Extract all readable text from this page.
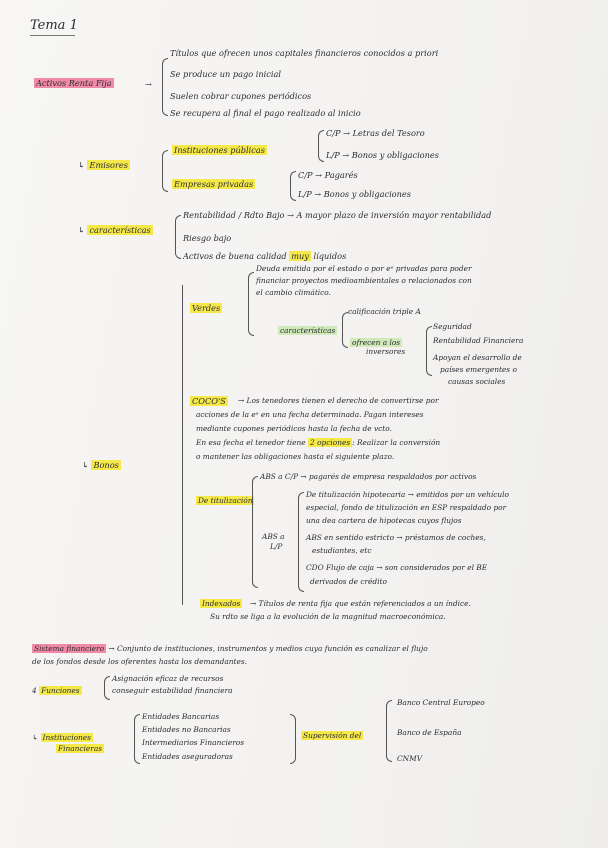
Tema 1
Activos Renta Fija	→
Títulos que ofrecen unos capitales financieros conocidos a priori
Se produce un pago inicial
Suelen cobrar cupones periódicos
Se recupera al final el pago realizado al inicio
↳ Emisores
Instituciones públicas
C/P → Letras del Tesoro
L/P → Bonos y obligaciones
Empresas privadas
C/P → Pagarés
L/P → Bonos y obligaciones
↳ características
Rentabilidad / Rdto Bajo → A mayor plazo de inversión mayor rentabilidad
Riesgo bajo
Activos de buena calidad muy líquidos
↳ Bonos
Verdes
Deuda emitida por el estado o por eᵉ privadas para poder
financiar proyectos medioambientales o relacionados con
el cambio climático.
características
calificación triple A
ofrecen a los
inversores
Seguridad
Rentabilidad Financiera
Apoyan el desarrollo de
países emergentes o
causas sociales
COCO'S → Los tenedores tienen el derecho de convertirse por
acciones de la eᵉ en una fecha determinada. Pagan intereses
mediante cupones periódicos hasta la fecha de vcto.
En esa fecha el tenedor tiene 2 opciones : Realizar la conversión
o mantener las obligaciones hasta el siguiente plazo.
De titulización
ABS a C/P → pagarés de empresa respaldados por activos
ABS a
L/P
De titulización hipotecaria → emitidos por un vehículo
especial, fondo de titulización en ESP respaldado por
una dea cartera de hipotecas cuyos flujos
ABS en sentido estricto → préstamos de coches,
estudiantes, etc
CDO Flujo de caja → son considerados por el BE
derivados de crédito
Indexados → Títulos de renta fija que están referenciados a un índice.
Su rdto se liga a la evolución de la magnitud macroeconómica.
Sistema financiero → Conjunto de instituciones, instrumentos y medios cuya función es canalizar el flujo
de los fondos desde los oferentes hasta los demandantes.
4 Funciones
Asignación eficaz de recursos
conseguir estabilidad financiera
↳ Instituciones
Financieras
Entidades Bancarias
Entidades no Bancarias
Intermediarios Financieros
Entidades aseguradoras
Supervisión del
Banco Central Europeo
Banco de España
CNMV
